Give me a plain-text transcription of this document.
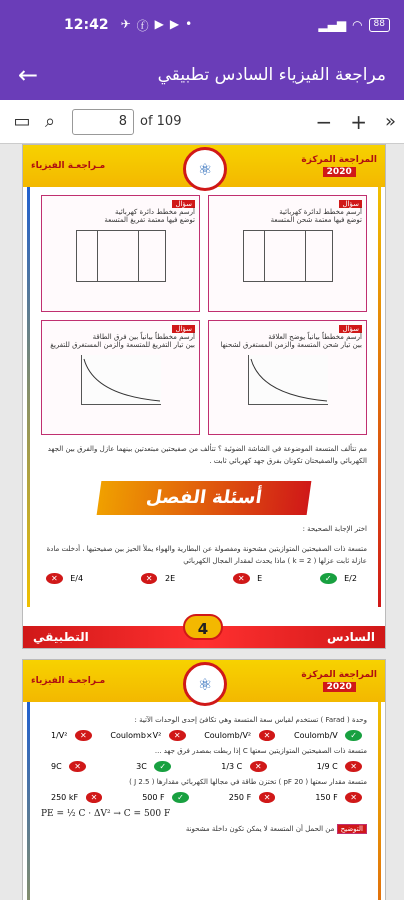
12:42 ✈ ⓕ ▶ ▶ •	▂▄▆ ◠	88
←	مراجعة الفيزياء السادس تطبيقي
▭ ⌕	8	of 109	− + »
مـراجعـة الفيزياء	⚛	المراجعة المركزة
2020
سؤال
أرسم مخطط دائرة كهربائية
توضع فيها معتمة تفريغ المتسعة
سؤال
أرسم مخطط لدائرة كهربائية
توضع فيها معتمة شحن المتسعة
سؤال
أرسم مخططاً بيانياً بين فرق الطاقة
بين تيار التفريغ للمتسعة والزمن المستغرق للتفريغ
سؤال
أرسم مخططاً بيانياً يوضح العلاقة
بين تيار شحن المتسعة والزمن المستغرق لشحنها
مم تتألف المتسعة الموضوعة في الشاشة الضوئية ؟ تتألف من صفيحتين مبتعدتين بينهما عازل والفرق بين الجهد الكهربائي والصفيحتان تكونان بفرق جهد كهربائي ثابت .
أسئلة الفصل
اختر الإجابة الصحيحة :
متسعة ذات الصفيحتين المتوازيتين مشحونة ومفصولة عن البطارية والهواء يملأ الحيز بين صفيحتيها ، أدخلت مادة عازلة ثابت عزلها ( k = 2 ) ماذا يحدث لمقدار المجال الكهربائي
✕ E/4	✕ 2E	✕ E	✓ E/2
التطبيقي	السادس
4
مـراجعـة الفيزياء	⚛	المراجعة المركزة
2020
وحدة ( Farad ) تستخدم لقياس سعة المتسعة وهي تكافئ إحدى الوحدات الآتية :
1/V² ✕	Coulomb×V² ✕	Coulomb/V² ✕	Coulomb/V ✓
متسعة ذات الصفيحتين المتوازيتين سعتها C إذا ربطت بمصدر فرق جهد ...
9C ✕	3C ✓	1/3 C ✕	1/9 C ✕
متسعة مقدار سعتها ( 20 pF ) تختزن طاقة في مجالها الكهربائي مقدارها ( 2.5 J )
250 kF ✕	500 F ✓	250 F ✕	150 F ✕
PE = ½ C · ΔV² → C = 500 F
التوضيح من الحمل أن المتسعة لا يمكن تكون داخلة مشحونة
